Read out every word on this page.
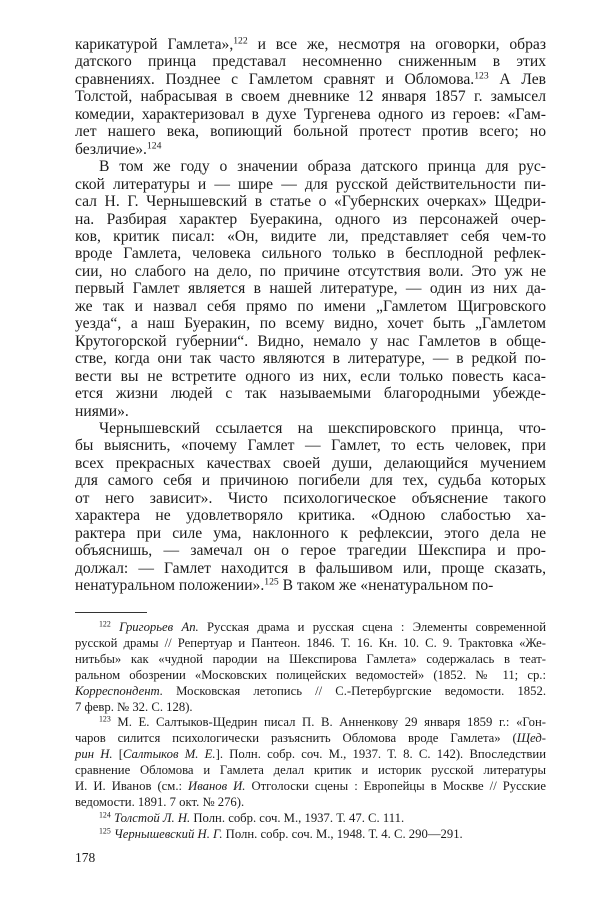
карикатурой Гамлета»,$^{122}$ и все же, несмотря на оговорки, образ
датского принца представал несомненно сниженным в этих
сравнениях. Позднее с Гамлетом сравнят и Обломова.$^{123}$ А Лев
Толстой, набрасывая в своем дневнике 12 января 1857 г. замысел
комедии, характеризовал в духе Тургенева одного из героев: «Гам-
лет нашего века, вопиющий больной протест против всего; но
безличие».$^{124}$
В том же году о значении образа датского принца для рус-
ской литературы и — шире — для русской действительности пи-
сал Н. Г. Чернышевский в статье о «Губернских очерках» Щедри-
на. Разбирая характер Буеракина, одного из персонажей очер-
ков, критик писал: «Он, видите ли, представляет себя чем-то
вроде Гамлета, человека сильного только в бесплодной рефлек-
сии, но слабого на дело, по причине отсутствия воли. Это уж не
первый Гамлет является в нашей литературе, — один из них да-
же так и назвал себя прямо по имени „Гамлетом Щигровского
уезда“, а наш Буеракин, по всему видно, хочет быть „Гамлетом
Крутогорской губернии“. Видно, немало у нас Гамлетов в обще-
стве, когда они так часто являются в литературе, — в редкой по-
вести вы не встретите одного из них, если только повесть каса-
ется жизни людей с так называемыми благородными убежде-
ниями».
Чернышевский ссылается на шекспировского принца, что-
бы выяснить, «почему Гамлет — Гамлет, то есть человек, при
всех прекрасных качествах своей души, делающийся мучением
для самого себя и причиною погибели для тех, судьба которых
от него зависит». Чисто психологическое объяснение такого
характера не удовлетворяло критика. «Одною слабостью ха-
рактера при силе ума, наклонного к рефлексии, этого дела не
объяснишь, — замечал он о герое трагедии Шекспира и про-
должал: — Гамлет находится в фальшивом или, проще сказать,
ненатуральном положении».$^{125}$ В таком же «ненатуральном по-
$^{122}$ Григорьев Ап. Русская драма и русская сцена : Элементы современной
русской драмы // Репертуар и Пантеон. 1846. Т. 16. Кн. 10. С. 9. Трактовка «Же-
нитьбы» как «чудной пародии на Шекспирова Гамлета» содержалась в теат-
ральном обозрении «Московских полицейских ведомостей» (1852. № 11; ср.:
Корреспондент. Московская летопись // С.-Петербургские ведомости. 1852.
7 февр. № 32. С. 128).
$^{123}$ М. Е. Салтыков-Щедрин писал П. В. Анненкову 29 января 1859 г.: «Гон-
чаров силится психологически разъяснить Обломова вроде Гамлета» (Щед-
рин Н. [Салтыков М. Е.]. Полн. собр. соч. М., 1937. Т. 8. С. 142). Впоследствии
сравнение Обломова и Гамлета делал критик и историк русской литературы
И. И. Иванов (см.: Иванов И. Отголоски сцены : Европейцы в Москве // Русские
ведомости. 1891. 7 окт. № 276).
$^{124}$ Толстой Л. Н. Полн. собр. соч. М., 1937. Т. 47. С. 111.
$^{125}$ Чернышевский Н. Г. Полн. собр. соч. М., 1948. Т. 4. С. 290—291.
178
